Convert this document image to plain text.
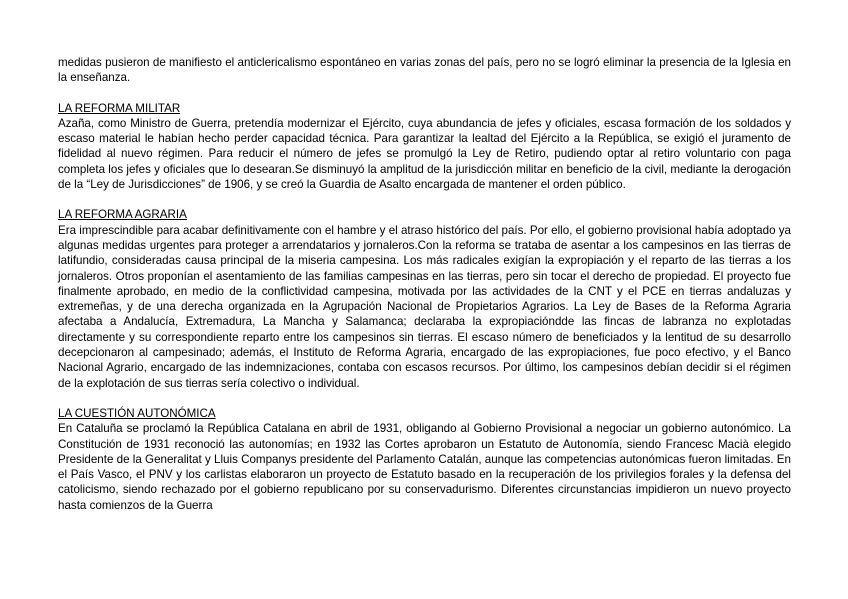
medidas pusieron de manifiesto el anticlericalismo espontáneo en varias zonas del país, pero no se logró eliminar la presencia de la Iglesia en la enseñanza.

LA REFORMA MILITAR

Azaña, como Ministro de Guerra, pretendía modernizar el Ejército, cuya abundancia de jefes y oficiales, escasa formación de los soldados y escaso material le habían hecho perder capacidad técnica. Para garantizar la lealtad del Ejército a la República, se exigió el juramento de fidelidad al nuevo régimen. Para reducir el número de jefes se promulgó la Ley de Retiro, pudiendo optar al retiro voluntario con paga completa los jefes y oficiales que lo desearan.Se disminuyó la amplitud de la jurisdicción militar en beneficio de la civil, mediante la derogación de la “Ley de Jurisdicciones” de 1906, y se creó la Guardia de Asalto encargada de mantener el orden público.

LA REFORMA AGRARIA

Era imprescindible para acabar definitivamente con el hambre y el atraso histórico del país. Por ello, el gobierno provisional había adoptado ya algunas medidas urgentes para proteger a arrendatarios y jornaleros.Con la reforma se trataba de asentar a los campesinos en las tierras de latifundio, consideradas causa principal de la miseria campesina. Los más radicales exigían la expropiación y el reparto de las tierras a los jornaleros. Otros proponían el asentamiento de las familias campesinas en las tierras, pero sin tocar el derecho de propiedad. El proyecto fue finalmente aprobado, en medio de la conflictividad campesina, motivada por las actividades de la CNT y el PCE en tierras andaluzas y extremeñas, y de una derecha organizada en la Agrupación Nacional de Propietarios Agrarios. La Ley de Bases de la Reforma Agraria afectaba a Andalucía, Extremadura, La Mancha y Salamanca; declaraba la expropiacióndde las fincas de labranza no explotadas directamente y su correspondiente reparto entre los campesinos sin tierras. El escaso número de beneficiados y la lentitud de su desarrollo decepcionaron al campesinado; además, el Instituto de Reforma Agraria, encargado de las expropiaciones, fue poco efectivo, y el Banco Nacional Agrario, encargado de las indemnizaciones, contaba con escasos recursos. Por último, los campesinos debían decidir si el régimen de la explotación de sus tierras sería colectivo o individual.

LA CUESTIÓN AUTONÓMICA

En Cataluña se proclamó la República Catalana en abril de 1931, obligando al Gobierno Provisional a negociar un gobierno autonómico. La Constitución de 1931 reconoció las autonomías; en 1932 las Cortes aprobaron un Estatuto de Autonomía, siendo Francesc Macià elegido Presidente de la Generalitat y Lluis Companys presidente del Parlamento Catalán, aunque las competencias autonómicas fueron limitadas. En el País Vasco, el PNV y los carlistas elaboraron un proyecto de Estatuto basado en la recuperación de los privilegios forales y la defensa del catolicismo, siendo rechazado por el gobierno republicano por su conservadurismo. Diferentes circunstancias impidieron un nuevo proyecto hasta comienzos de la Guerra
